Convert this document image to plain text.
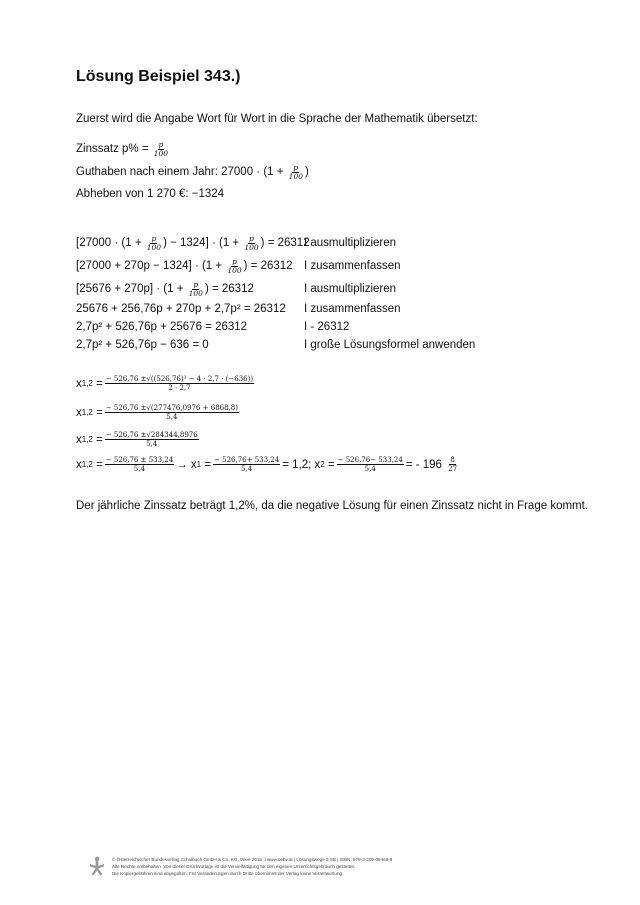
Lösung Beispiel 343.)
Zuerst wird die Angabe Wort für Wort in die Sprache der Mathematik übersetzt:
Zinssatz p% =
$\frac{p}{100}$
Guthaben nach einem Jahr: 27000 · (1 +
$\frac{p}{100}$ )
Abheben von 1 270 €: −1324
[27000 · (1 +
$\frac{p}{100}$ ) − 1324] · (1 +
$\frac{p}{100}$ ) = 26312
I ausmultiplizieren
[27000 + 270p − 1324] · (1 +
$\frac{p}{100}$ ) = 26312 I zusammenfassen
[25676 + 270p] · (1 +
$\frac{p}{100}$ ) = 26312	I ausmultiplizieren
25676 + 256,76p + 270p + 2,7p² = 26312 I zusammenfassen
2,7p² + 526,76p + 25676 = 26312	I - 26312
2,7p² + 526,76p − 636 = 0	I große Lösungsformel anwenden
x 1,2
= $\frac{\text{− 526,76 ±√((526,76)² − 4 · 2,7 · (−636))}}{2 \cdot 2,7}$
x 1,2
= $\frac{- 526,76 \pm√(277476,0976 + 6868,8)}{5,4}$
x 1,2
= $\frac{- 526,76 \pm√284344,8976}{5,4}$
x 1,2
= $\frac{- 526,76 \pm 533,24}{5,4} \to x$ 1
= $\frac{- 526,76+ 533,24}{5,4} = 1,2$; x 2
= $\frac{- 526,76- 533,24}{5,4}$ = - 196
$\frac{8}{27}$
Der jährliche Zinssatz beträgt 1,2%, da die negative Lösung für einen Zinssatz nicht in Frage kommt.
© Österreichischer Bundesverlag Schulbuch GmbH & Co. KG, Wien 2015. | www.oebv.at | Lösungswege 5 SB | ISBN: 978-3-209-08466-8
Alle Rechte vorbehalten. Von dieser Druckvorlage ist die Vervielfältigung für den eigenen Unterrichtsgebrauch gestattet.
Die Kopiergebühren sind abgegolten. Für Veränderungen durch Dritte übernimmt der Verlag keine Verantwortung.
